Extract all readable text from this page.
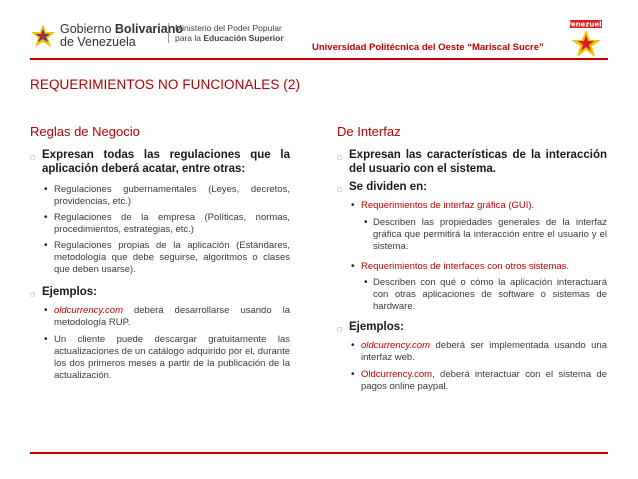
Gobierno Bolivariano
de Venezuela
Ministerio del Poder Popular
para la Educación Superior
Universidad Politécnica del Oeste “Mariscal Sucre”
Venezuela
REQUERIMIENTOS NO FUNCIONALES (2)
Reglas de Negocio
◻ Expresan todas las regulaciones que la aplicación deberá acatar, entre otras:
• Regulaciones gubernamentales (Leyes, decretos, providencias, etc.)
• Regulaciones de la empresa (Políticas, normas, procedimientos, estrategias, etc.)
• Regulaciones propias de la aplicación (Estándares, metodología que debe seguirse, algoritmos o clases que deben usarse).
◻ Ejemplos:
• oldcurrency.com deberá desarrollarse usando la metodología RUP.
• Un cliente puede descargar gratuitamente las actualizaciones de un catálogo adquirido por el, durante los dos primeros meses a partir de la publicación de la actualización.
De Interfaz
◻ Expresan las características de la interacción del usuario con el sistema.
◻ Se dividen en:
• Requerimientos de interfaz gráfica (GUI).
• Describen las propiedades generales de la interfaz gráfica que permitirá la interacción entre el usuario y el sistema.
• Requerimientos de interfaces con otros sistemas.
• Describen con qué o cómo la aplicación interactuará con otras aplicaciones de software o sistemas de hardware.
◻ Ejemplos:
• oldcurrency.com deberá ser implementada usando una interfaz web.
• Oldcurrency.com, deberá interactuar con el sistema de pagos online paypal.
